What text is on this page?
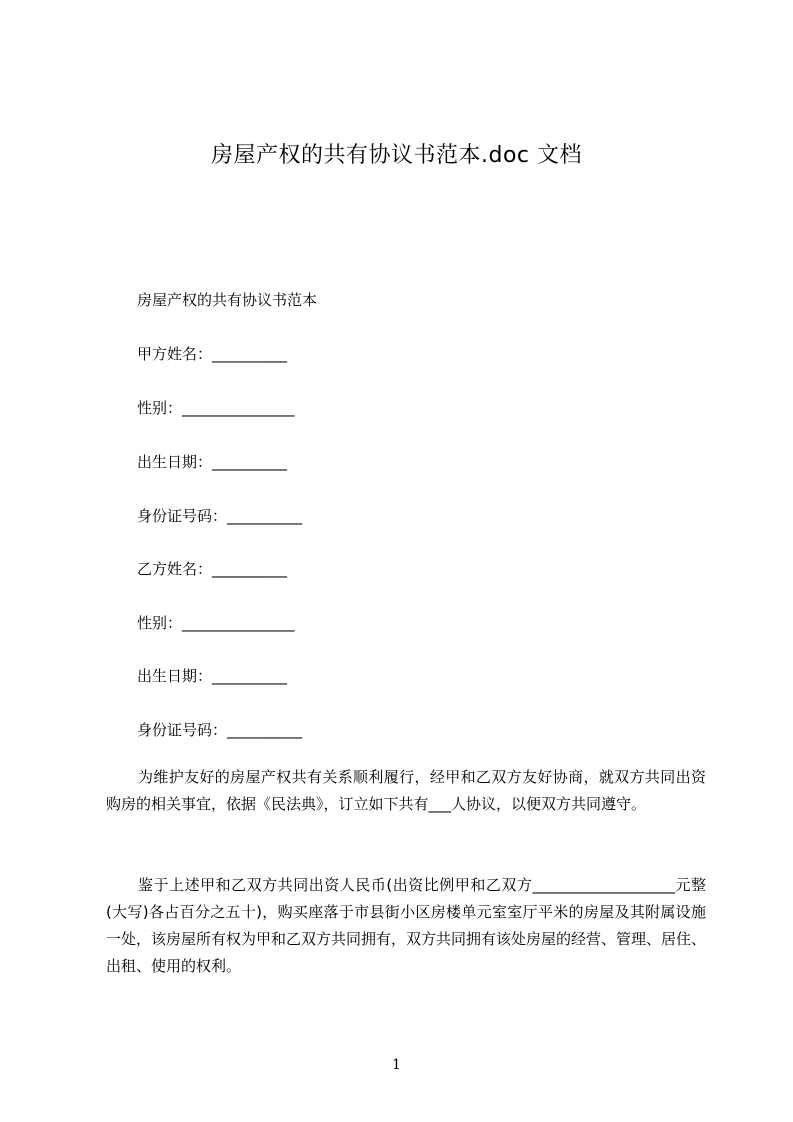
房屋产权的共有协议书范本.doc 文档
房屋产权的共有协议书范本
甲方姓名：__________
性别：_______________
出生日期：__________
身份证号码：__________
乙方姓名：__________
性别：_______________
出生日期：__________
身份证号码：__________

为维护友好的房屋产权共有关系顺利履行，经甲和乙双方友好协商，就双方共同出资购房的相关事宜，依据《民法典》，订立如下共有___人协议，以便双方共同遵守。

鉴于上述甲和乙双方共同出资人民币(出资比例甲和乙双方___________________元整(大写)各占百分之五十)，购买座落于市县街小区房楼单元室室厅平米的房屋及其附属设施一处，该房屋所有权为甲和乙双方共同拥有，双方共同拥有该处房屋的经营、管理、居住、出租、使用的权利。

1
